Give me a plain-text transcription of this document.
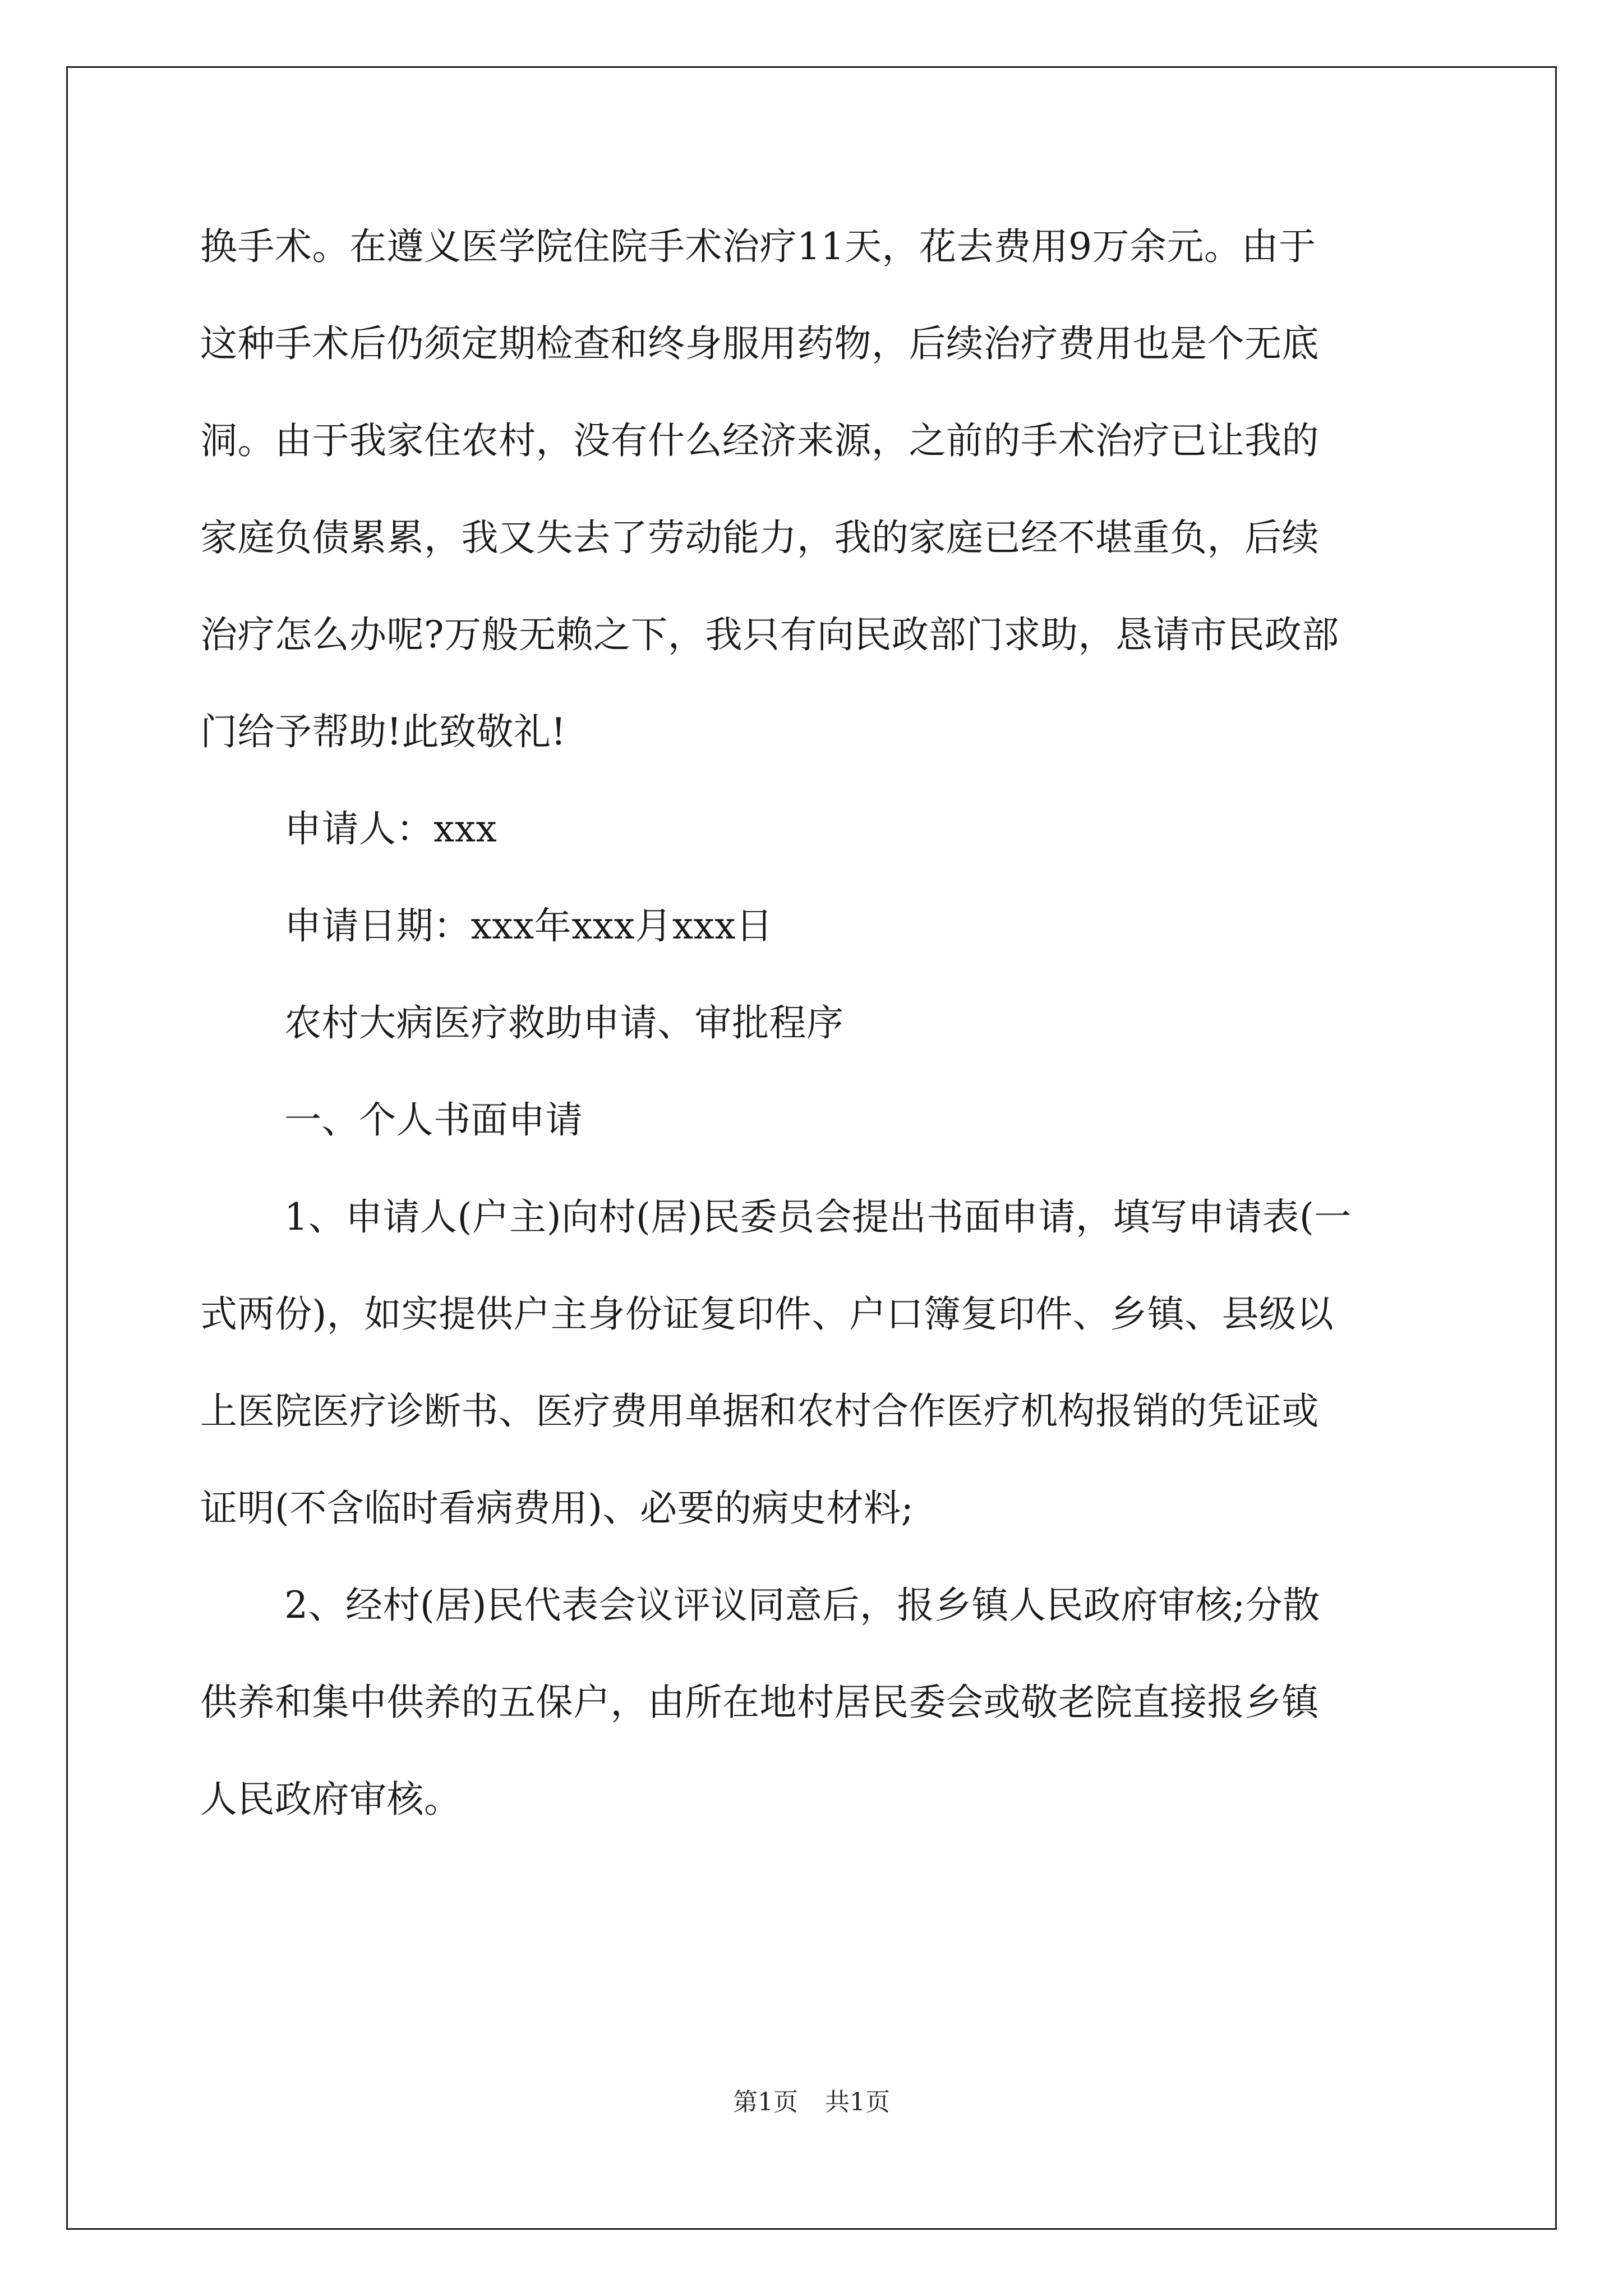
换手术。在遵义医学院住院手术治疗11天，花去费用9万余元。由于
这种手术后仍须定期检查和终身服用药物，后续治疗费用也是个无底
洞。由于我家住农村，没有什么经济来源，之前的手术治疗已让我的
家庭负债累累，我又失去了劳动能力，我的家庭已经不堪重负，后续
治疗怎么办呢?万般无赖之下，我只有向民政部门求助，恳请市民政部
门给予帮助!此致敬礼!
申请人：xxx
申请日期：xxx年xxx月xxx日
农村大病医疗救助申请、审批程序
一、个人书面申请
1、申请人(户主)向村(居)民委员会提出书面申请，填写申请表(一
式两份)，如实提供户主身份证复印件、户口簿复印件、乡镇、县级以
上医院医疗诊断书、医疗费用单据和农村合作医疗机构报销的凭证或
证明(不含临时看病费用)、必要的病史材料;
2、经村(居)民代表会议评议同意后，报乡镇人民政府审核;分散
供养和集中供养的五保户，由所在地村居民委会或敬老院直接报乡镇
人民政府审核。
第1页 共1页
